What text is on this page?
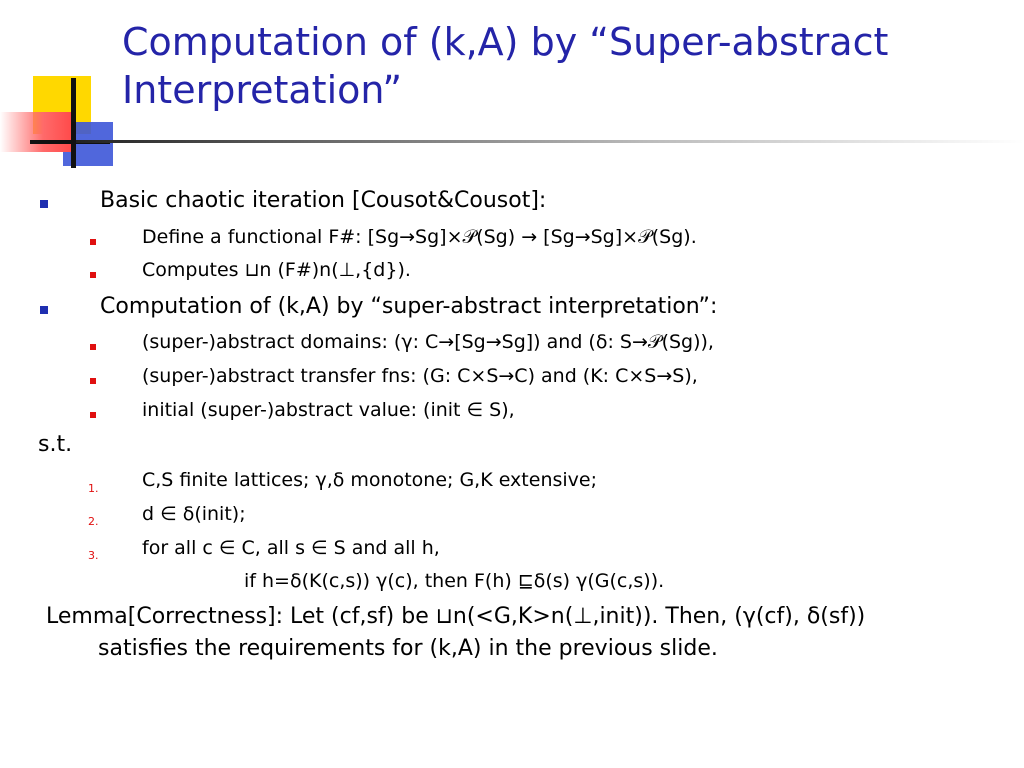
Computation of (k,A) by “Super-abstract Interpretation”
Basic chaotic iteration [Cousot&Cousot]:
Define a functional F#: [Sg→Sg]×𝒫(Sg) → [Sg→Sg]×𝒫(Sg).
Computes ⊔n (F#)n(⊥,{d}).
Computation of (k,A) by “super-abstract interpretation”:
(super-)abstract domains: (γ: C→[Sg→Sg]) and (δ: S→𝒫(Sg)),
(super-)abstract transfer fns: (G: C×S→C) and (K: C×S→S),
initial (super-)abstract value: (init ∈ S),
s.t.
1. C,S finite lattices; γ,δ monotone; G,K extensive;
2. d ∈ δ(init);
3. for all c ∈ C, all s ∈ S and all h,
if h=δ(K(c,s)) γ(c), then F(h) ⊑δ(s) γ(G(c,s)).
Lemma[Correctness]: Let (cf,sf) be ⊔n(<G,K>n(⊥,init)). Then, (γ(cf), δ(sf))
satisfies the requirements for (k,A) in the previous slide.
